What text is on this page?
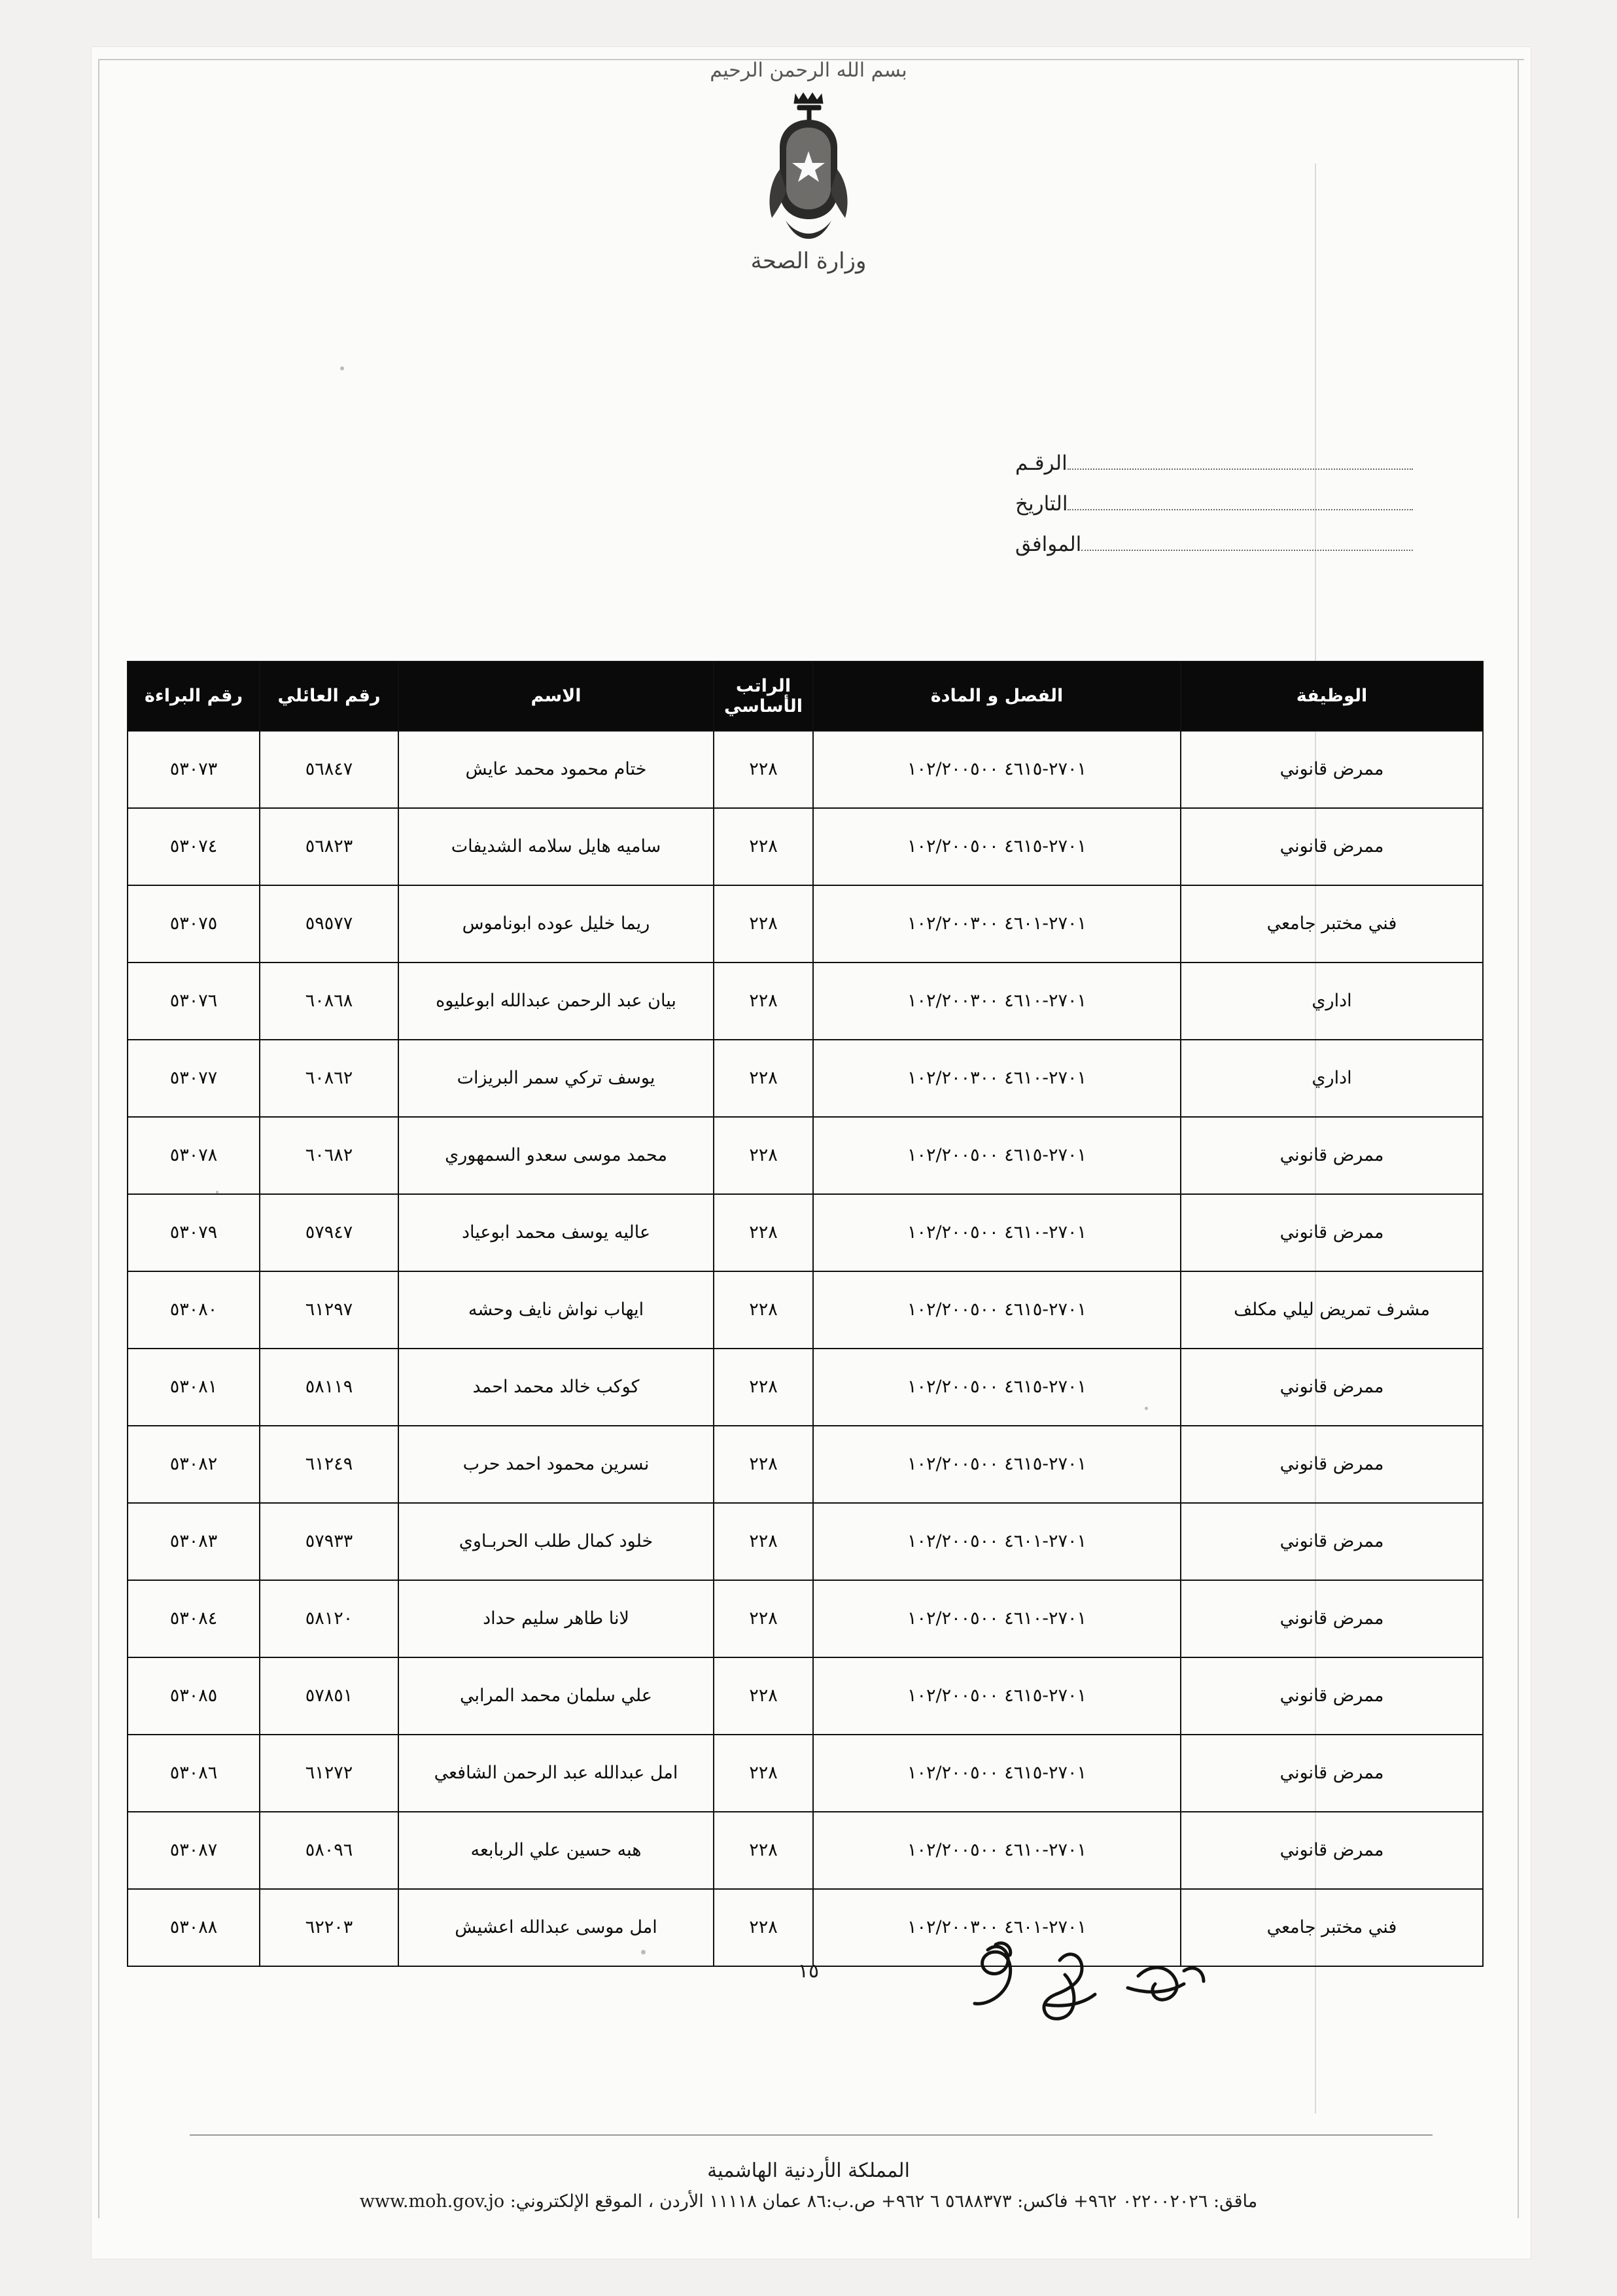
بسم الله الرحمن الرحيم
وزارة الصحة
الرقـم
التاريخ
الموافق
الوظيفة	الفصل و المادة	الراتب الأساسي	الاسم	رقم العائلي	رقم البراءة
ممرض قانوني	٢٧٠١-٤٦١٥ ١٠٢/٢٠٠٥٠٠	٢٢٨	ختام محمود محمد عايش	٥٦٨٤٧	٥٣٠٧٣
ممرض قانوني	٢٧٠١-٤٦١٥ ١٠٢/٢٠٠٥٠٠	٢٢٨	ساميه هايل سلامه الشديفات	٥٦٨٢٣	٥٣٠٧٤
فني مختبر جامعي	٢٧٠١-٤٦٠١ ١٠٢/٢٠٠٣٠٠	٢٢٨	ريما خليل عوده ابوناموس	٥٩٥٧٧	٥٣٠٧٥
اداري	٢٧٠١-٤٦١٠ ١٠٢/٢٠٠٣٠٠	٢٢٨	بيان عبد الرحمن عبدالله ابوعليوه	٦٠٨٦٨	٥٣٠٧٦
اداري	٢٧٠١-٤٦١٠ ١٠٢/٢٠٠٣٠٠	٢٢٨	يوسف تركي سمر البريزات	٦٠٨٦٢	٥٣٠٧٧
ممرض قانوني	٢٧٠١-٤٦١٥ ١٠٢/٢٠٠٥٠٠	٢٢٨	محمد موسى سعدو السمهوري	٦٠٦٨٢	٥٣٠٧٨
ممرض قانوني	٢٧٠١-٤٦١٠ ١٠٢/٢٠٠٥٠٠	٢٢٨	عاليه يوسف محمد ابوعياد	٥٧٩٤٧	٥٣٠٧٩
مشرف تمريض ليلي مكلف	٢٧٠١-٤٦١٥ ١٠٢/٢٠٠٥٠٠	٢٢٨	ايهاب نواش نايف وحشه	٦١٢٩٧	٥٣٠٨٠
ممرض قانوني	٢٧٠١-٤٦١٥ ١٠٢/٢٠٠٥٠٠	٢٢٨	كوكب خالد محمد احمد	٥٨١١٩	٥٣٠٨١
ممرض قانوني	٢٧٠١-٤٦١٥ ١٠٢/٢٠٠٥٠٠	٢٢٨	نسرين محمود احمد حرب	٦١٢٤٩	٥٣٠٨٢
ممرض قانوني	٢٧٠١-٤٦٠١ ١٠٢/٢٠٠٥٠٠	٢٢٨	خلود كمال طلب الحربـاوي	٥٧٩٣٣	٥٣٠٨٣
ممرض قانوني	٢٧٠١-٤٦١٠ ١٠٢/٢٠٠٥٠٠	٢٢٨	لانا طاهر سليم حداد	٥٨١٢٠	٥٣٠٨٤
ممرض قانوني	٢٧٠١-٤٦١٥ ١٠٢/٢٠٠٥٠٠	٢٢٨	علي سلمان محمد المرابي	٥٧٨٥١	٥٣٠٨٥
ممرض قانوني	٢٧٠١-٤٦١٥ ١٠٢/٢٠٠٥٠٠	٢٢٨	امل عبدالله عبد الرحمن الشافعي	٦١٢٧٢	٥٣٠٨٦
ممرض قانوني	٢٧٠١-٤٦١٠ ١٠٢/٢٠٠٥٠٠	٢٢٨	هبه حسين علي الربابعه	٥٨٠٩٦	٥٣٠٨٧
فني مختبر جامعي	٢٧٠١-٤٦٠١ ١٠٢/٢٠٠٣٠٠	٢٢٨	امل موسى عبدالله اعشيش	٦٢٢٠٣	٥٣٠٨٨
١٥
المملكة الأردنية الهاشمية
ماقق: ٠٢٢٠٠٢٠٢٦ ٩٦٢+ فاكس: ٥٦٨٨٣٧٣ ٦ ٩٦٢+ ص.ب:٨٦ عمان ١١١١٨ الأردن ، الموقع الإلكتروني: www.moh.gov.jo
